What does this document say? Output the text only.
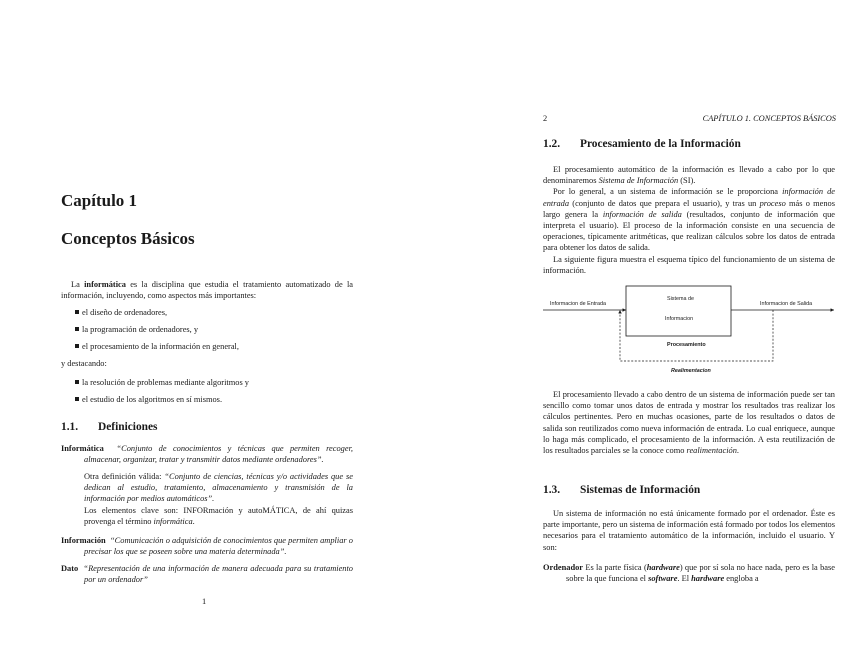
Capítulo 1
Conceptos Básicos

La informática es la disciplina que estudia el tratamiento automatizado de la información, incluyendo, como aspectos más importantes:

el diseño de ordenadores,
la programación de ordenadores, y
el procesamiento de la información en general,
y destacando:
la resolución de problemas mediante algoritmos y
el estudio de los algoritmos en sí mismos.
1.1. Definiciones

Informática “Conjunto de conocimientos y técnicas que permiten recoger, almacenar, organizar, tratar y transmitir datos mediante ordenadores”.

Otra definición válida: “Conjunto de ciencias, técnicas y/o actividades que se dedican al estudio, tratamiento, almacenamiento y transmisión de la información por medios automáticos”.

Los elementos clave son: INFORmación y autoMÁTICA, de ahí quizas provenga el término informática.

Información “Comunicación o adquisición de conocimientos que permiten ampliar o precisar los que se poseen sobre una materia determinada”.

Dato “Representación de una información de manera adecuada para su tratamiento por un ordenador”

1
2	CAPÍTULO 1. CONCEPTOS BÁSICOS
1.2. Procesamiento de la Información

El procesamiento automático de la información es llevado a cabo por lo que denominaremos Sistema de Información (SI).

Por lo general, a un sistema de información se le proporciona información de entrada (conjunto de datos que prepara el usuario), y tras un proceso más o menos largo genera la información de salida (resultados, conjunto de información que interpreta el usuario). El proceso de la información consiste en una secuencia de operaciones, típicamente aritméticas, que realizan cálculos sobre los datos de entrada para obtener los datos de salida.

La siguiente figura muestra el esquema típico del funcionamiento de un sistema de información.

Informacion de Entrada
Sistema de
Informacion
Informacion de Salida
Procesamiento
Realimentacion

El procesamiento llevado a cabo dentro de un sistema de información puede ser tan sencillo como tomar unos datos de entrada y mostrar los resultados tras realizar los cálculos pertinentes. Pero en muchas ocasiones, parte de los resultados o datos de salida son reutilizados como nueva información de entrada. Lo cual enriquece, aunque lo haga más complicado, el procesamiento de la información. A esta reutilización de los resultados parciales se la conoce como realimentación.

1.3. Sistemas de Información

Un sistema de información no está únicamente formado por el ordenador. Éste es parte importante, pero un sistema de información está formado por todos los elementos necesarios para el tratamiento automático de la información, incluido el usuario. Y son:

Ordenador Es la parte física (hardware) que por sí sola no hace nada, pero es la base sobre la que funciona el software. El hardware engloba a
